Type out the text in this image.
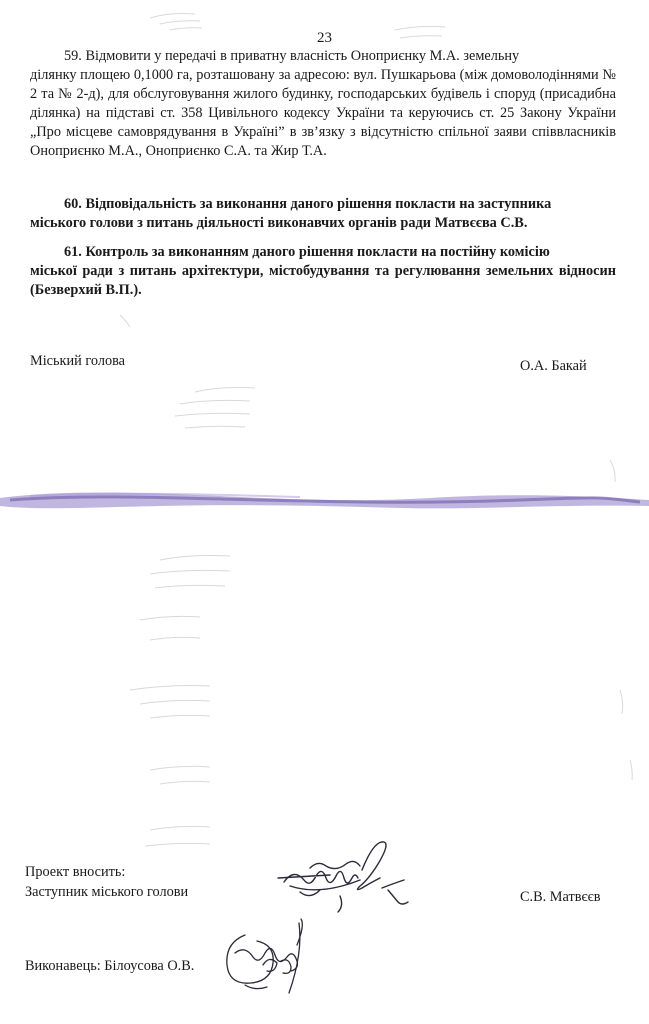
23
59. Відмовити у передачі в приватну власність Оноприєнку М.А. земельну
ділянку площею 0,1000 га, розташовану за адресою: вул. Пушкарьова (між домоволодіннями № 2 та № 2-д), для обслуговування жилого будинку, господарських будівель і споруд (присадибна ділянка) на підставі ст. 358 Цивільного кодексу України та керуючись ст. 25 Закону України „Про місцеве самоврядування в Україні” в зв’язку з відсутністю спільної заяви співвласників Оноприєнко М.А., Оноприєнко С.А. та Жир Т.А.
60. Відповідальність за виконання даного рішення покласти на заступника
міського голови з питань діяльності виконавчих органів ради Матвєєва С.В.
61. Контроль за виконанням даного рішення покласти на постійну комісію
міської ради з питань архітектури, містобудування та регулювання земельних відносин (Безверхий В.П.).
Міський голова	О.А. Бакай
Проект вносить:
Заступник міського голови	С.В. Матвєєв
Виконавець: Білоусова О.В.
